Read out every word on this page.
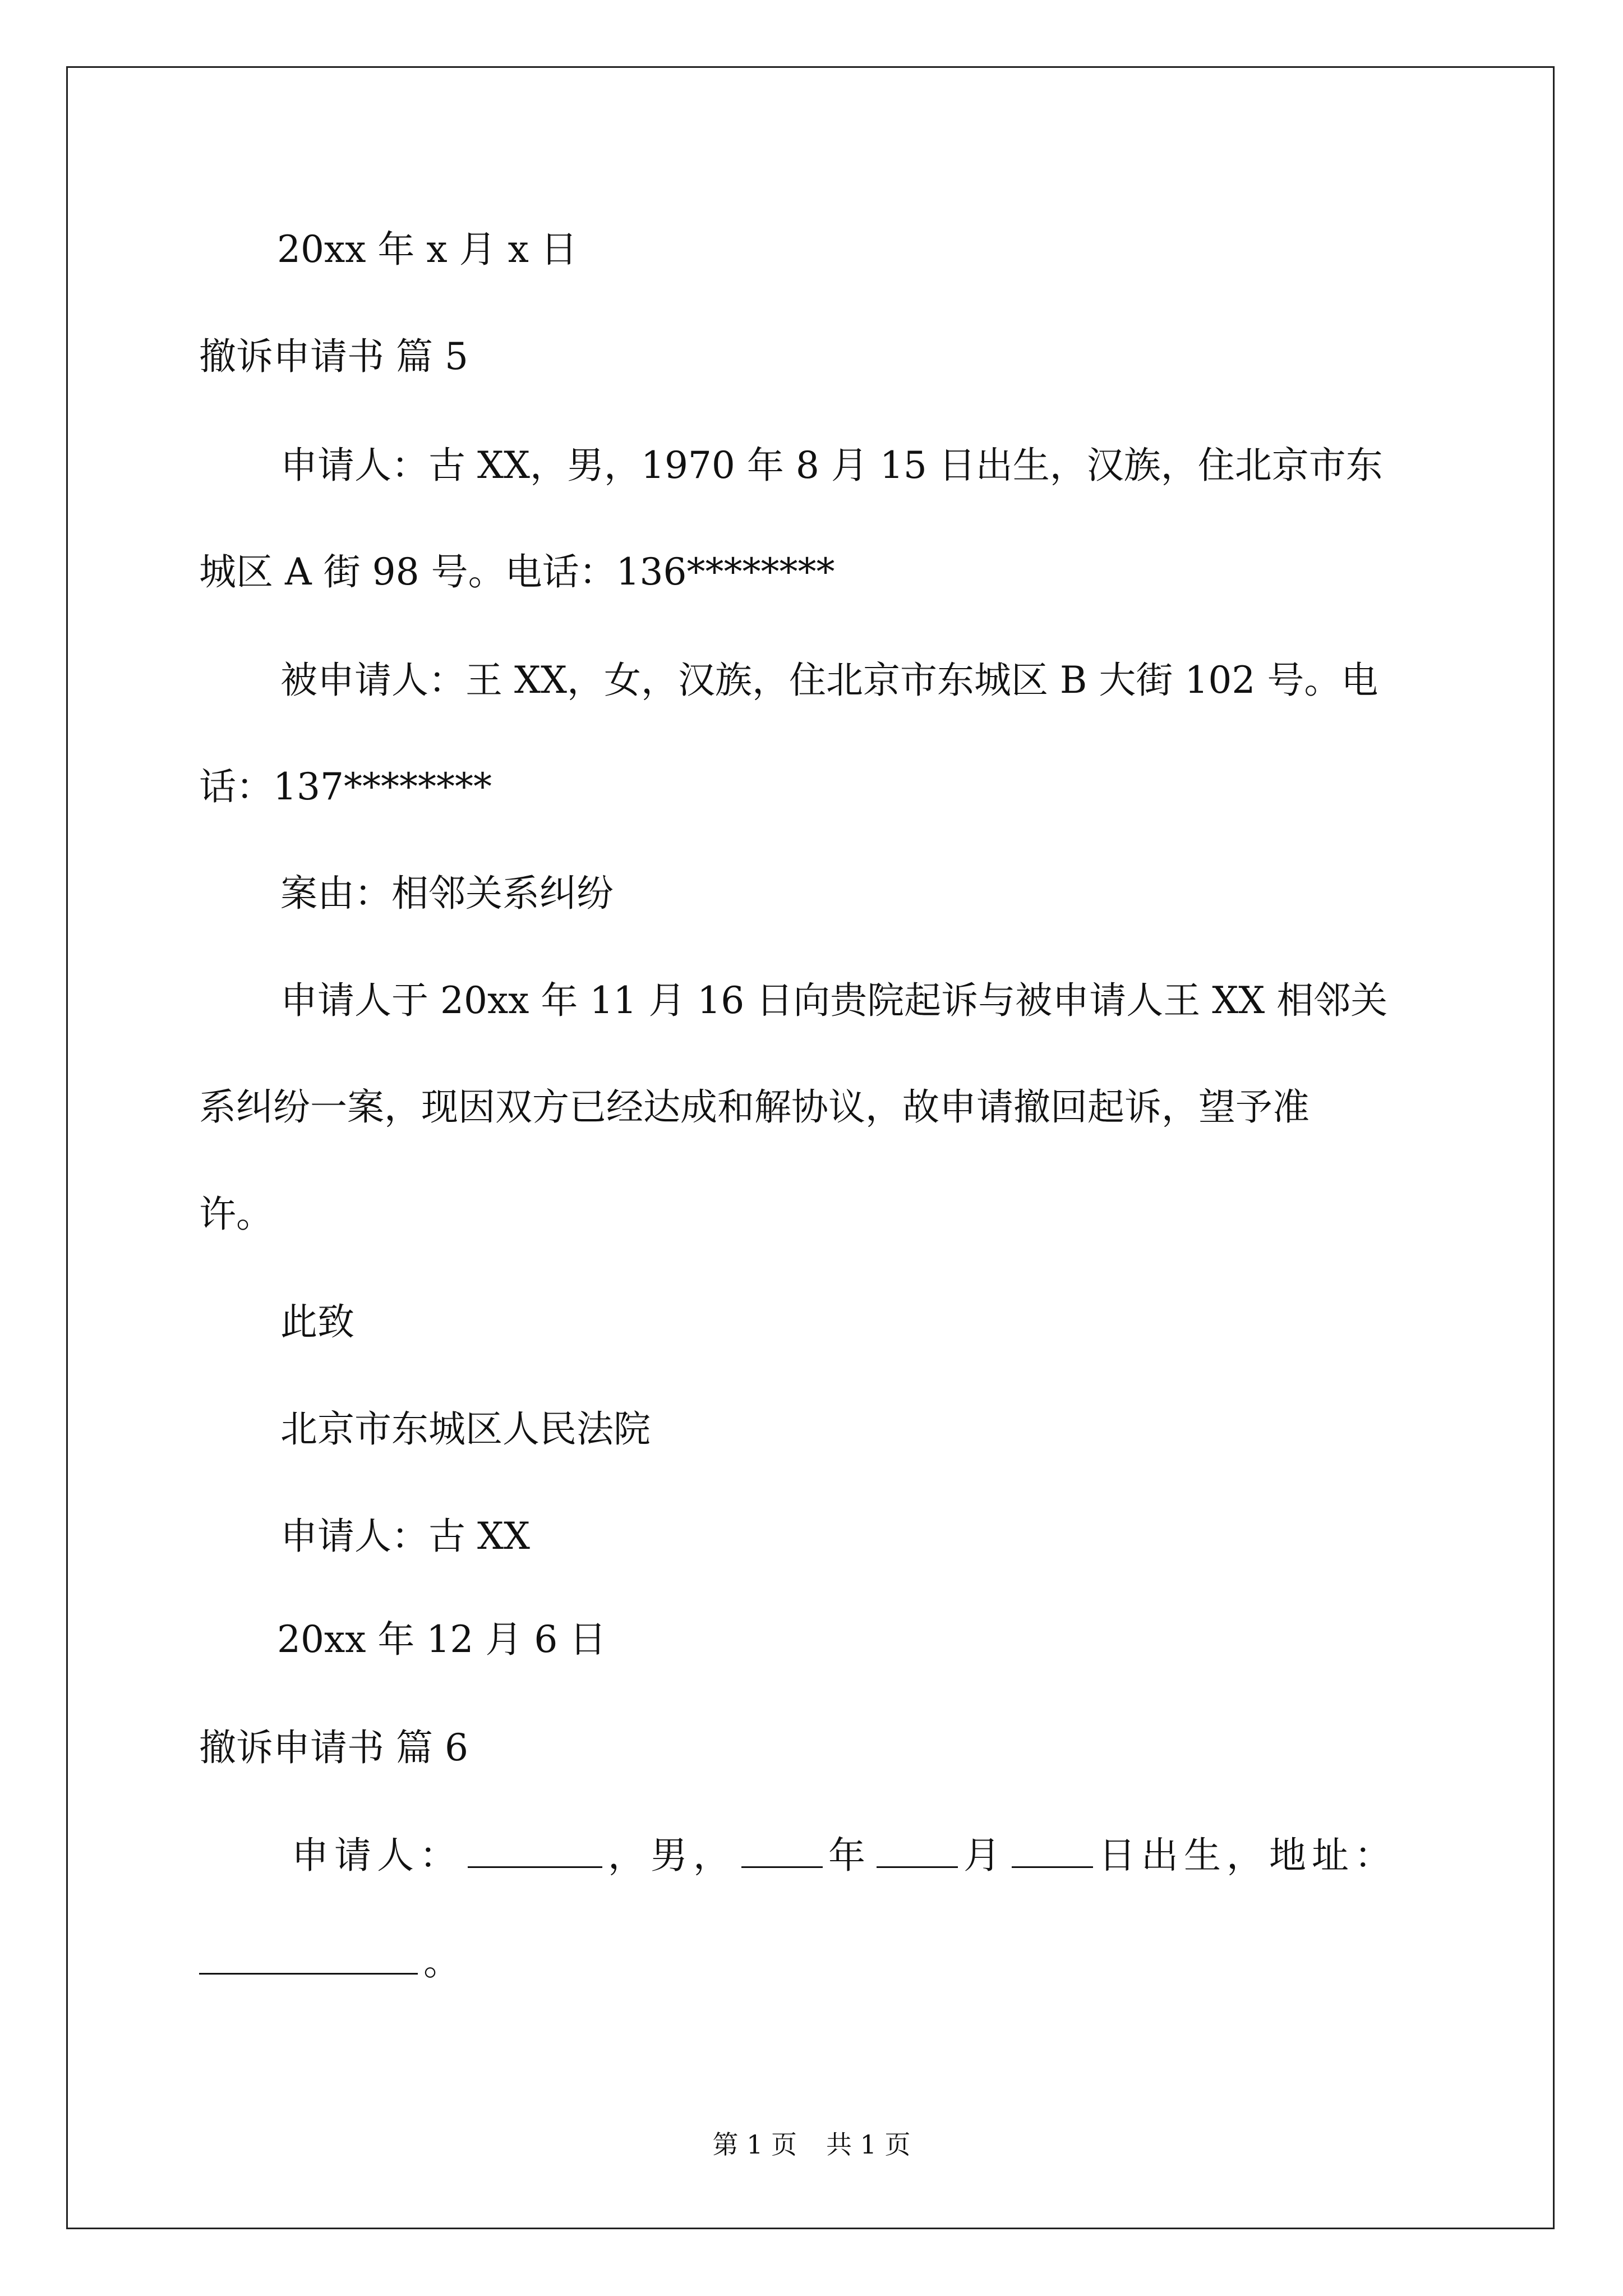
20xx 年 x 月 x 日
撤诉申请书 篇 5
申请人：古 XX，男，1970 年 8 月 15 日出生，汉族，住北京市东
城区 A 街 98 号。电话：136********
被申请人：王 XX，女，汉族，住北京市东城区 B 大街 102 号。电
话：137********
案由：相邻关系纠纷
申请人于 20xx 年 11 月 16 日向贵院起诉与被申请人王 XX 相邻关
系纠纷一案，现因双方已经达成和解协议，故申请撤回起诉，望予准
许。
此致
北京市东城区人民法院
申请人：古 XX
20xx 年 12 月 6 日
撤诉申请书 篇 6
申请人：	，男，	年	月	日出生，地址：
。
第 1 页 共 1 页
